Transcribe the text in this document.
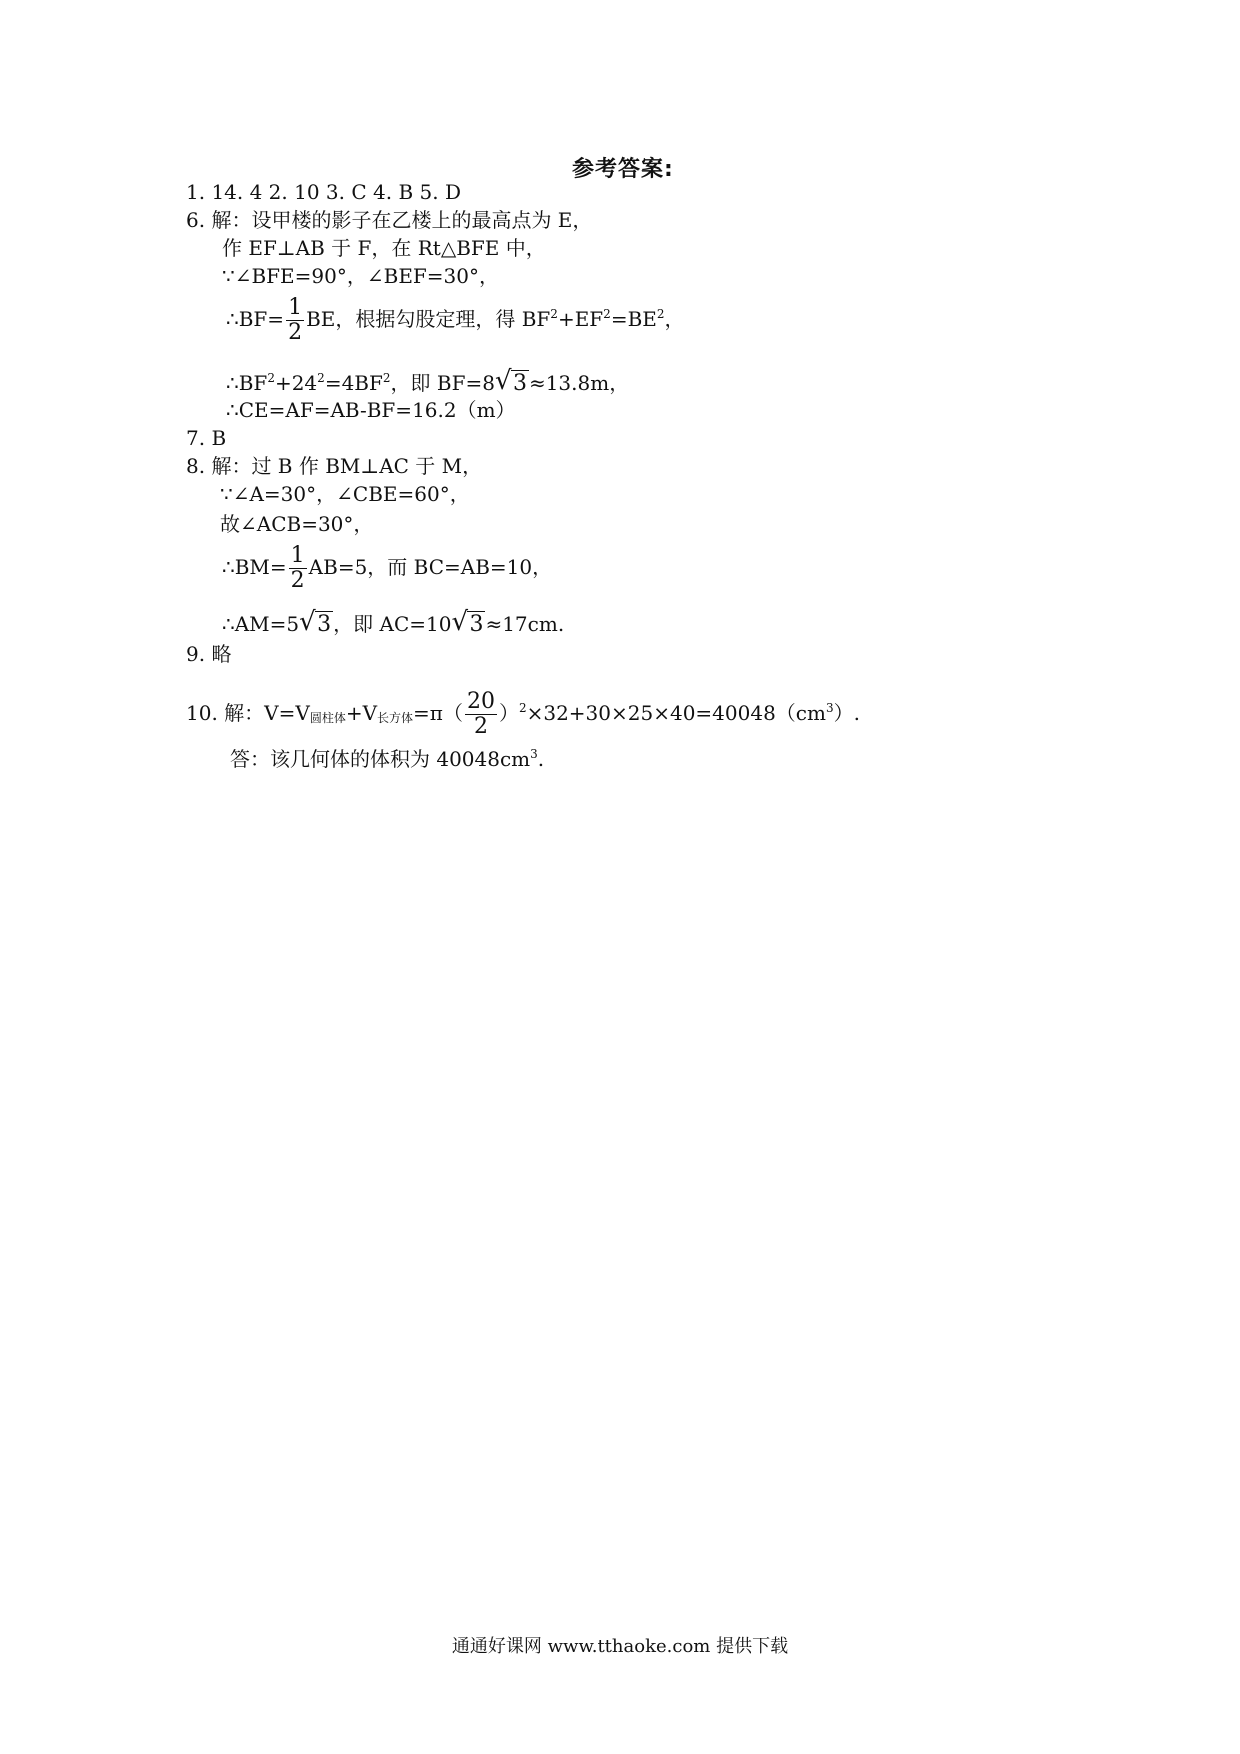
参考答案:
1. 14. 4 2. 10 3. C 4. B 5. D
6. 解：设甲楼的影子在乙楼上的最高点为 E，
作 EF⊥AB 于 F，在 Rt△BFE 中，
∵∠BFE=90°，∠BEF=30°，
∴BF= $\frac{1}{2}$ BE，根据勾股定理，得 $BF^2+EF^2=BE^2$，
$\therefore BF^2+24^2=4BF^2$，即 BF=8 √ 3 ≈13.8m，
∴CE=AF=AB-BF=16.2（m）
7. B
8. 解：过 B 作 BM⊥AC 于 M，
∵∠A=30°，∠CBE=60°，
故∠ACB=30°，
∴BM= $\frac{1}{2} AB=5$，而 BC=AB=10，
∴AM=5 √ 3 ，即 AC=10 √ 3 ≈17cm.
9. 略
10. 解：V=V圆柱体+V长方体$=\pi( \frac{20}{2} )^2\times 32+30\times 25\times 40=40048(cm^3)$.
答：该几何体的体积为 $40048cm^3$.
通通好课网 www.tthaoke.com 提供下载
